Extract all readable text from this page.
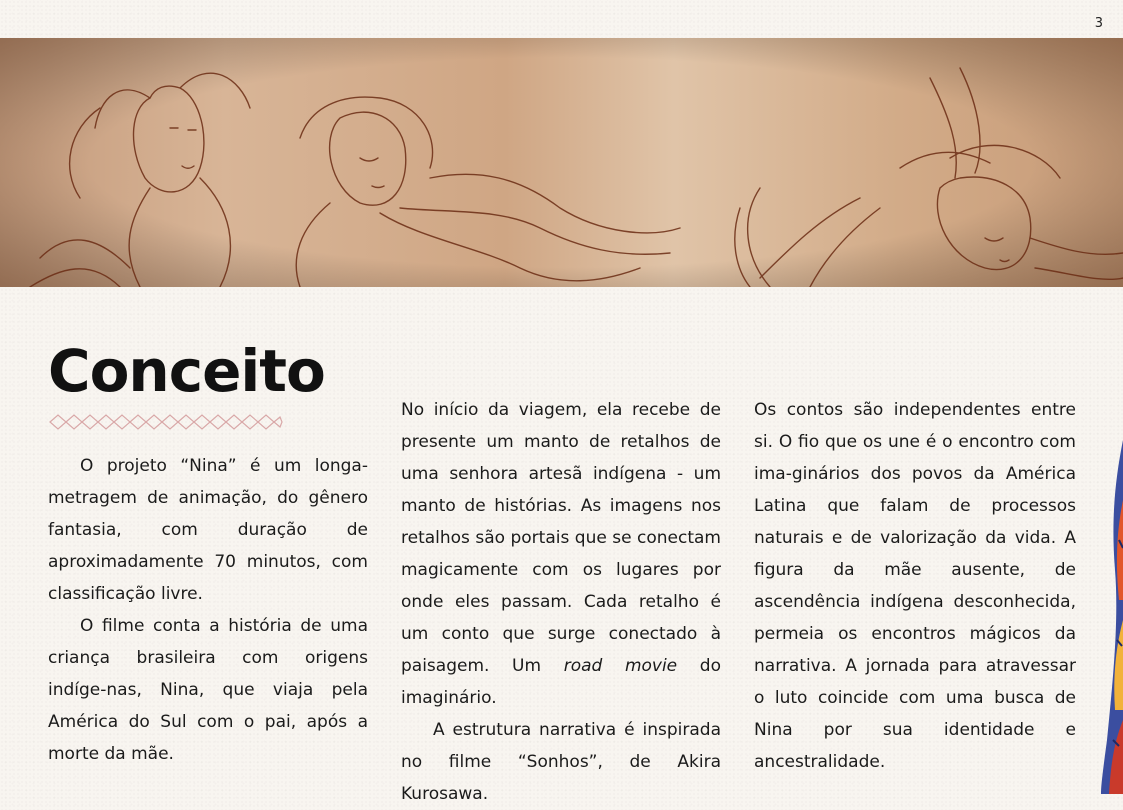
3
Conceito

O projeto “Nina” é um longa-metragem de animação, do gênero fantasia, com duração de aproximadamente 70 minutos, com classificação livre.

O filme conta a história de uma criança brasileira com origens indíge-nas, Nina, que viaja pela América do Sul com o pai, após a morte da mãe.

No início da viagem, ela recebe de presente um manto de retalhos de uma senhora artesã indígena - um manto de histórias. As imagens nos retalhos são portais que se conectam magicamente com os lugares por onde eles passam. Cada retalho é um conto que surge conectado à paisagem. Um road movie do imaginário.

A estrutura narrativa é inspirada no filme “Sonhos”, de Akira Kurosawa.

Os contos são independentes entre si. O fio que os une é o encontro com ima-ginários dos povos da América Latina que falam de processos naturais e de valorização da vida. A figura da mãe ausente, de ascendência indígena desconhecida, permeia os encontros mágicos da narrativa. A jornada para atravessar o luto coincide com uma busca de Nina por sua identidade e ancestralidade.
